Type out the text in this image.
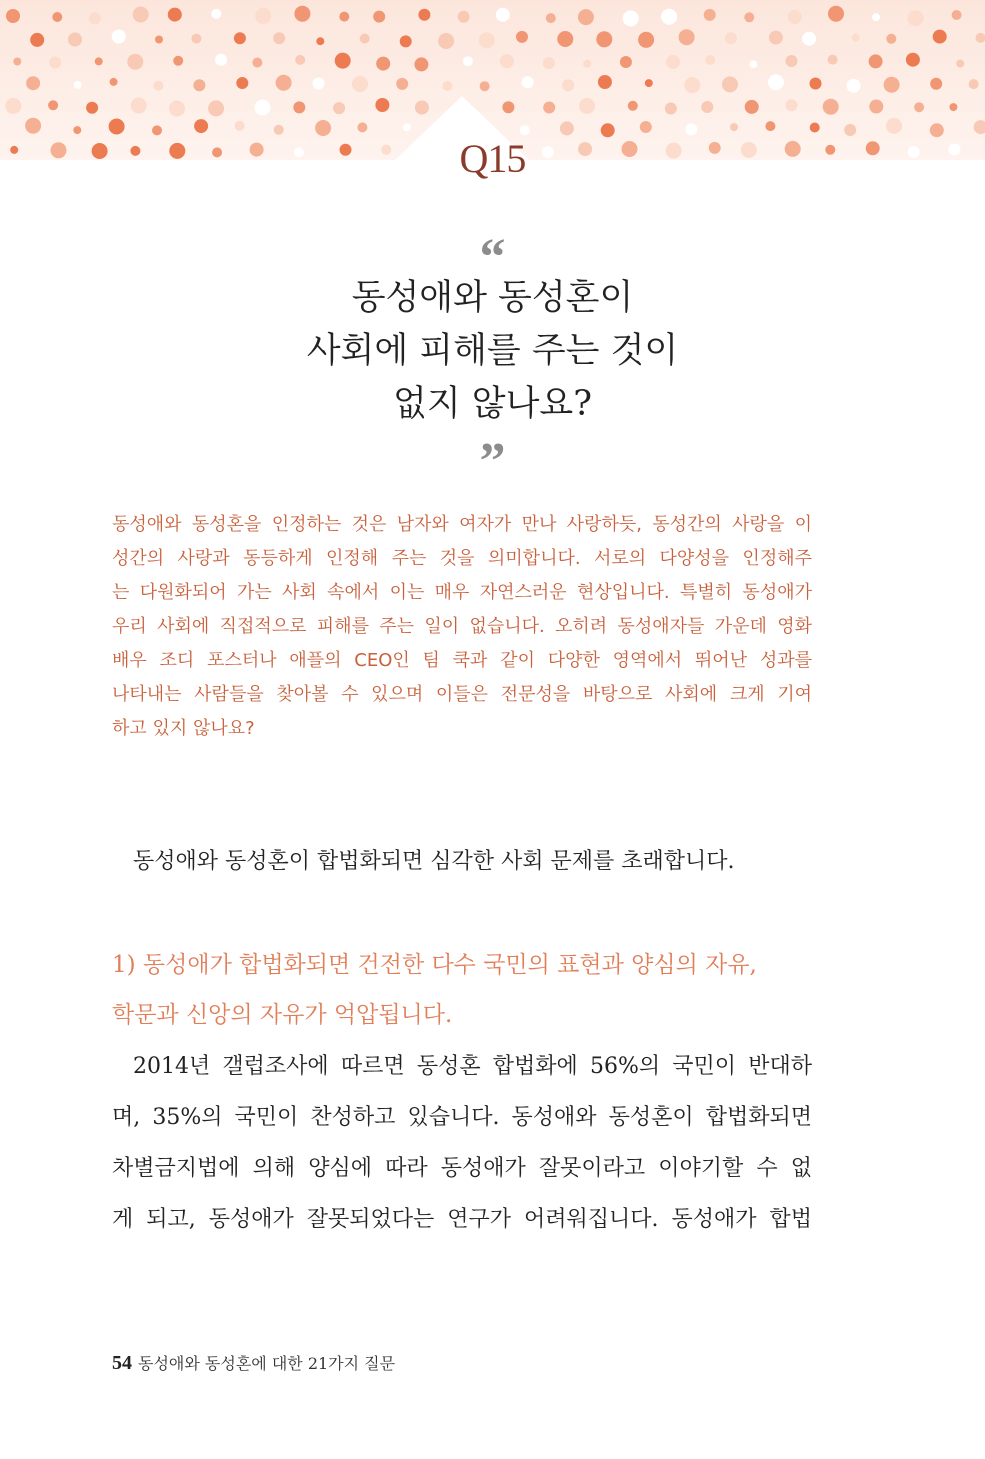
Q15
“
동성애와 동성혼이
사회에 피해를 주는 것이
없지 않나요?
”
동성애와 동성혼을 인정하는 것은 남자와 여자가 만나 사랑하듯, 동성간의 사랑을 이
성간의 사랑과 동등하게 인정해 주는 것을 의미합니다. 서로의 다양성을 인정해주
는 다원화되어 가는 사회 속에서 이는 매우 자연스러운 현상입니다. 특별히 동성애가
우리 사회에 직접적으로 피해를 주는 일이 없습니다. 오히려 동성애자들 가운데 영화
배우 조디 포스터나 애플의 CEO인 팀 쿡과 같이 다양한 영역에서 뛰어난 성과를
나타내는 사람들을 찾아볼 수 있으며 이들은 전문성을 바탕으로 사회에 크게 기여
하고 있지 않나요?
동성애와 동성혼이 합법화되면 심각한 사회 문제를 초래합니다.
1) 동성애가 합법화되면 건전한 다수 국민의 표현과 양심의 자유,
학문과 신앙의 자유가 억압됩니다.
2014년 갤럽조사에 따르면 동성혼 합법화에 56%의 국민이 반대하
며, 35%의 국민이 찬성하고 있습니다. 동성애와 동성혼이 합법화되면
차별금지법에 의해 양심에 따라 동성애가 잘못이라고 이야기할 수 없
게 되고, 동성애가 잘못되었다는 연구가 어려워집니다. 동성애가 합법
54 동성애와 동성혼에 대한 21가지 질문
